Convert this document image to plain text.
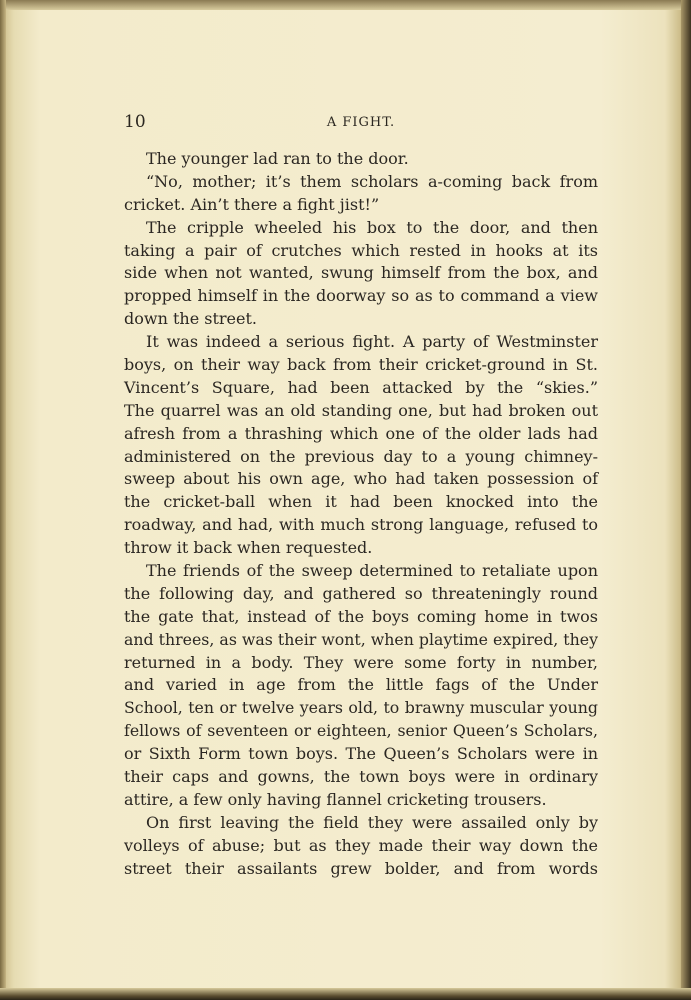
10	A FIGHT.
The younger lad ran to the door.
“No, mother; it’s them scholars a-coming back from
cricket. Ain’t there a fight jist!”
The cripple wheeled his box to the door, and then
taking a pair of crutches which rested in hooks at its
side when not wanted, swung himself from the box, and
propped himself in the doorway so as to command a view
down the street.
It was indeed a serious fight. A party of Westminster
boys, on their way back from their cricket-ground in St.
Vincent’s Square, had been attacked by the “skies.”
The quarrel was an old standing one, but had broken out
afresh from a thrashing which one of the older lads had
administered on the previous day to a young chimney-
sweep about his own age, who had taken possession of
the cricket-ball when it had been knocked into the
roadway, and had, with much strong language, refused to
throw it back when requested.
The friends of the sweep determined to retaliate upon
the following day, and gathered so threateningly round
the gate that, instead of the boys coming home in twos
and threes, as was their wont, when playtime expired, they
returned in a body. They were some forty in number,
and varied in age from the little fags of the Under
School, ten or twelve years old, to brawny muscular young
fellows of seventeen or eighteen, senior Queen’s Scholars,
or Sixth Form town boys. The Queen’s Scholars were in
their caps and gowns, the town boys were in ordinary
attire, a few only having flannel cricketing trousers.
On first leaving the field they were assailed only by
volleys of abuse; but as they made their way down the
street their assailants grew bolder, and from words
